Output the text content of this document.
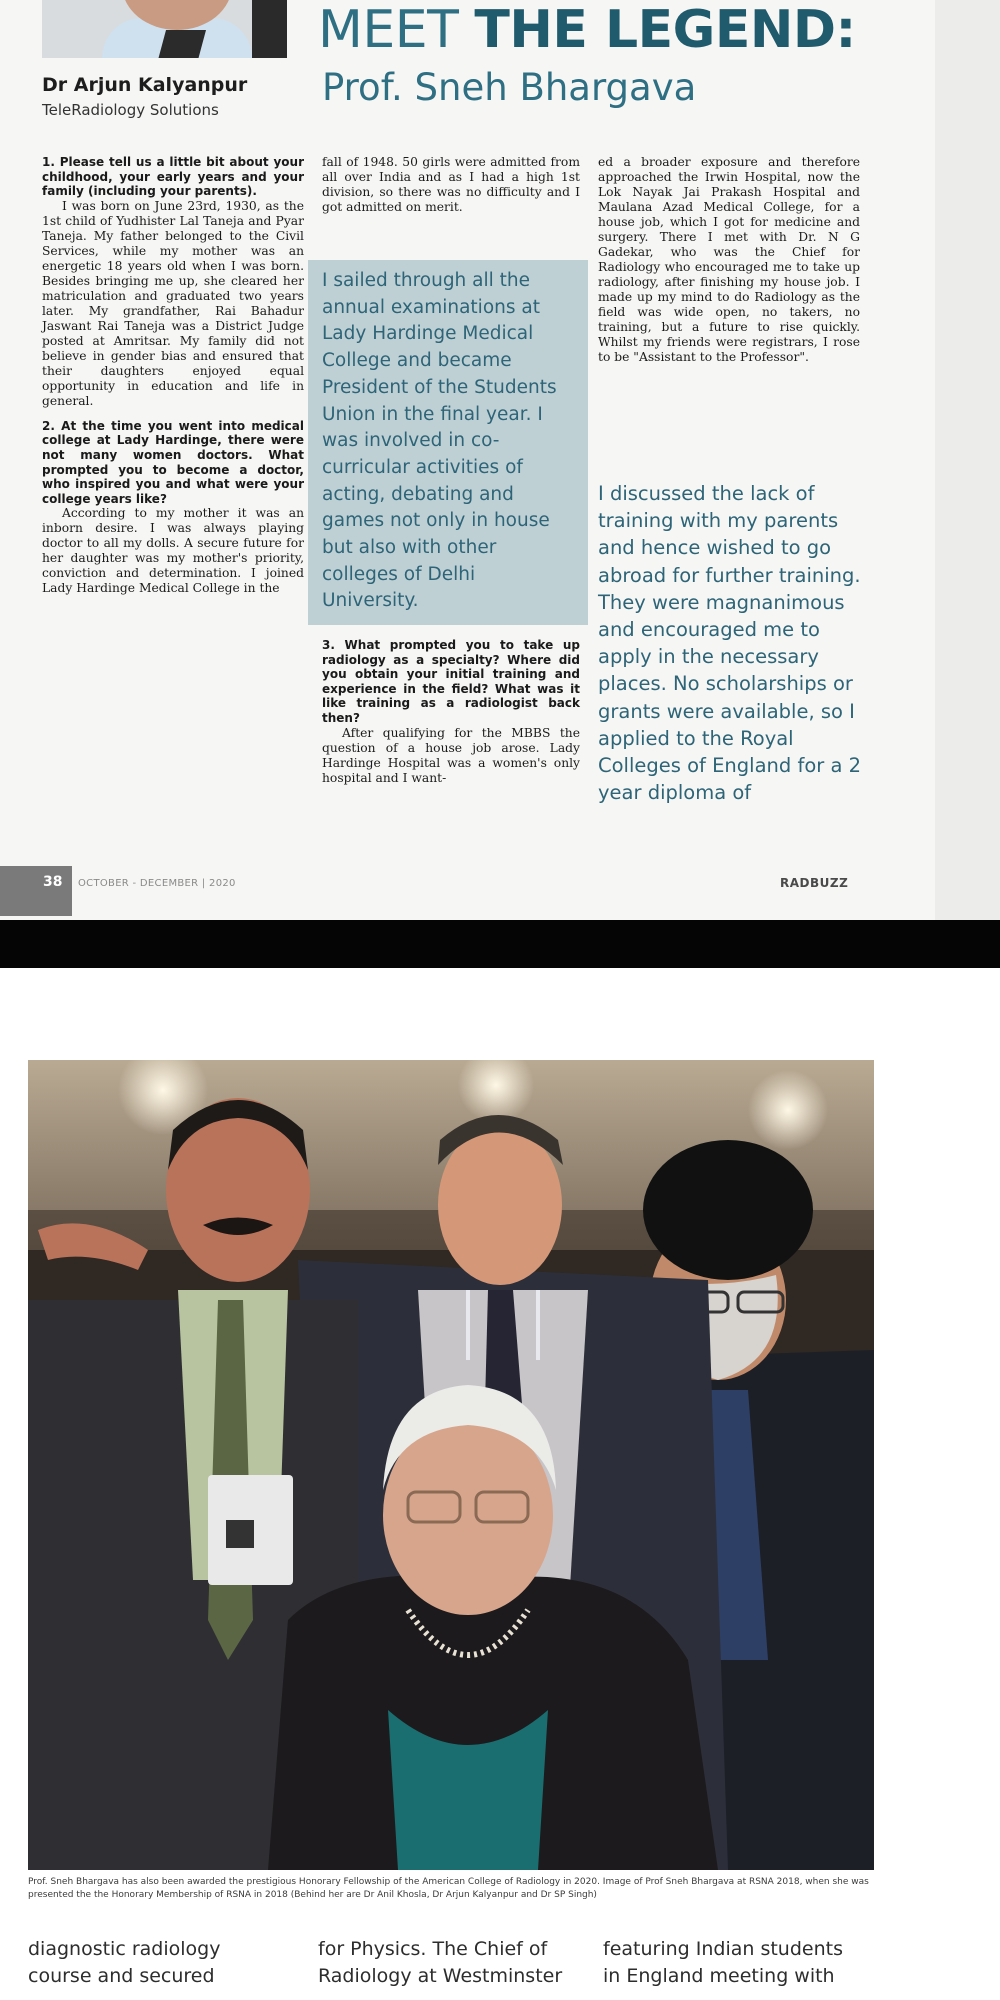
Dr Arjun Kalyanpur
TeleRadiology Solutions
MEET THE LEGEND:
Prof. Sneh Bhargava

1. Please tell us a little bit about your childhood, your early years and your family (including your parents).

I was born on June 23rd, 1930, as the 1st child of Yudhister Lal Taneja and Pyar Taneja. My father belonged to the Civil Services, while my mother was an energetic 18 years old when I was born. Besides bringing me up, she cleared her matriculation and graduated two years later. My grandfather, Rai Bahadur Jaswant Rai Taneja was a District Judge posted at Amritsar. My family did not believe in gender bias and ensured that their daughters enjoyed equal opportunity in education and life in general.

2. At the time you went into medical college at Lady Hardinge, there were not many women doctors. What prompted you to become a doctor, who inspired you and what were your college years like?

According to my mother it was an inborn desire. I was always playing doctor to all my dolls. A secure future for her daughter was my mother's priority, conviction and determination. I joined Lady Hardinge Medical College in the

fall of 1948. 50 girls were admitted from all over India and as I had a high 1st division, so there was no difficulty and I got admitted on merit.

I sailed through all the annual examinations at Lady Hardinge Medical College and became President of the Students Union in the final year. I was involved in co-curricular activities of acting, debating and games not only in house but also with other colleges of Delhi University.

3. What prompted you to take up radiology as a specialty? Where did you obtain your initial training and experience in the field? What was it like training as a radiologist back then?

After qualifying for the MBBS the question of a house job arose. Lady Hardinge Hospital was a women's only hospital and I want-

ed a broader exposure and therefore approached the Irwin Hospital, now the Lok Nayak Jai Prakash Hospital and Maulana Azad Medical College, for a house job, which I got for medicine and surgery. There I met with Dr. N G Gadekar, who was the Chief for Radiology who encouraged me to take up radiology, after finishing my house job. I made up my mind to do Radiology as the field was wide open, no takers, no training, but a future to rise quickly. Whilst my friends were registrars, I rose to be "Assistant to the Professor".

I discussed the lack of training with my parents and hence wished to go abroad for further training. They were magnanimous and encouraged me to apply in the necessary places. No scholarships or grants were available, so I applied to the Royal Colleges of England for a 2 year diploma of
38 OCTOBER - DECEMBER | 2020	RADBUZZ
Prof. Sneh Bhargava has also been awarded the prestigious Honorary Fellowship of the American College of Radiology in 2020. Image of Prof Sneh Bhargava at RSNA 2018, when she was presented the the Honorary Membership of RSNA in 2018 (Behind her are Dr Anil Khosla, Dr Arjun Kalyanpur and Dr SP Singh)
diagnostic radiology
course and secured
for Physics. The Chief of
Radiology at Westminster
featuring Indian students
in England meeting with
